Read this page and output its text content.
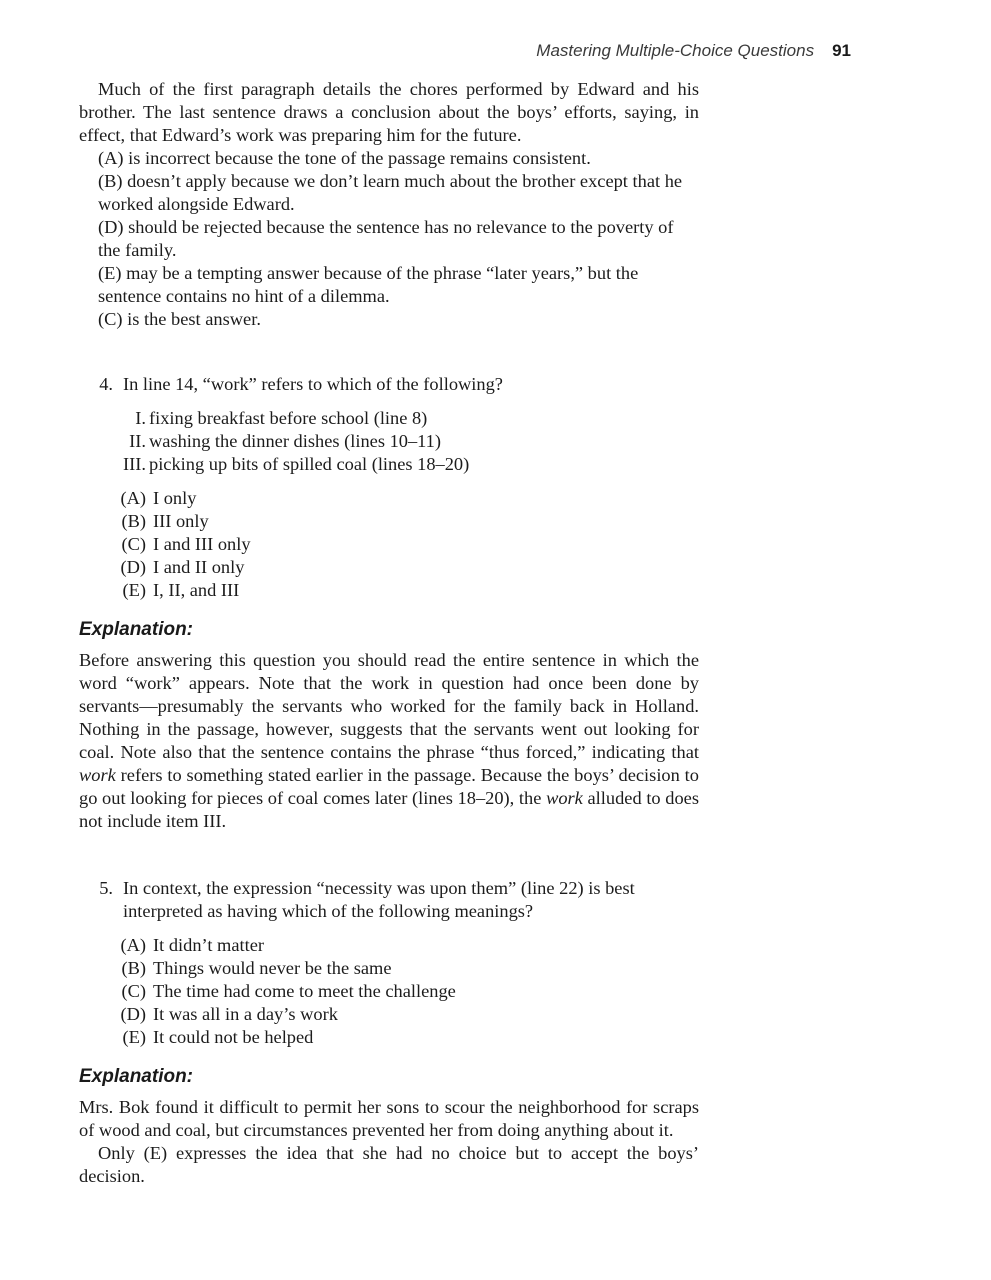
Mastering Multiple-Choice Questions 91

Much of the first paragraph details the chores performed by Edward and his brother. The last sentence draws a conclusion about the boys’ efforts, saying, in effect, that Edward’s work was preparing him for the future.

(A) is incorrect because the tone of the passage remains consistent.

(B) doesn’t apply because we don’t learn much about the brother except that he worked alongside Edward.

(D) should be rejected because the sentence has no relevance to the poverty of the family.

(E) may be a tempting answer because of the phrase “later years,” but the sentence contains no hint of a dilemma.

(C) is the best answer.

4. In line 14, “work” refers to which of the following?
I. fixing breakfast before school (line 8)
II. washing the dinner dishes (lines 10–11)
III. picking up bits of spilled coal (lines 18–20)
(A) I only
(B) III only
(C) I and III only
(D) I and II only
(E) I, II, and III
Explanation:

Before answering this question you should read the entire sentence in which the word “work” appears. Note that the work in question had once been done by servants—presumably the servants who worked for the family back in Holland. Nothing in the passage, however, suggests that the servants went out looking for coal. Note also that the sentence contains the phrase “thus forced,” indicating that work refers to something stated earlier in the passage. Because the boys’ decision to go out looking for pieces of coal comes later (lines 18–20), the work alluded to does not include item III.

5. In context, the expression “necessity was upon them” (line 22) is best interpreted as having which of the following meanings?
(A) It didn’t matter
(B) Things would never be the same
(C) The time had come to meet the challenge
(D) It was all in a day’s work
(E) It could not be helped
Explanation:

Mrs. Bok found it difficult to permit her sons to scour the neighborhood for scraps of wood and coal, but circumstances prevented her from doing anything about it.

Only (E) expresses the idea that she had no choice but to accept the boys’ decision.
